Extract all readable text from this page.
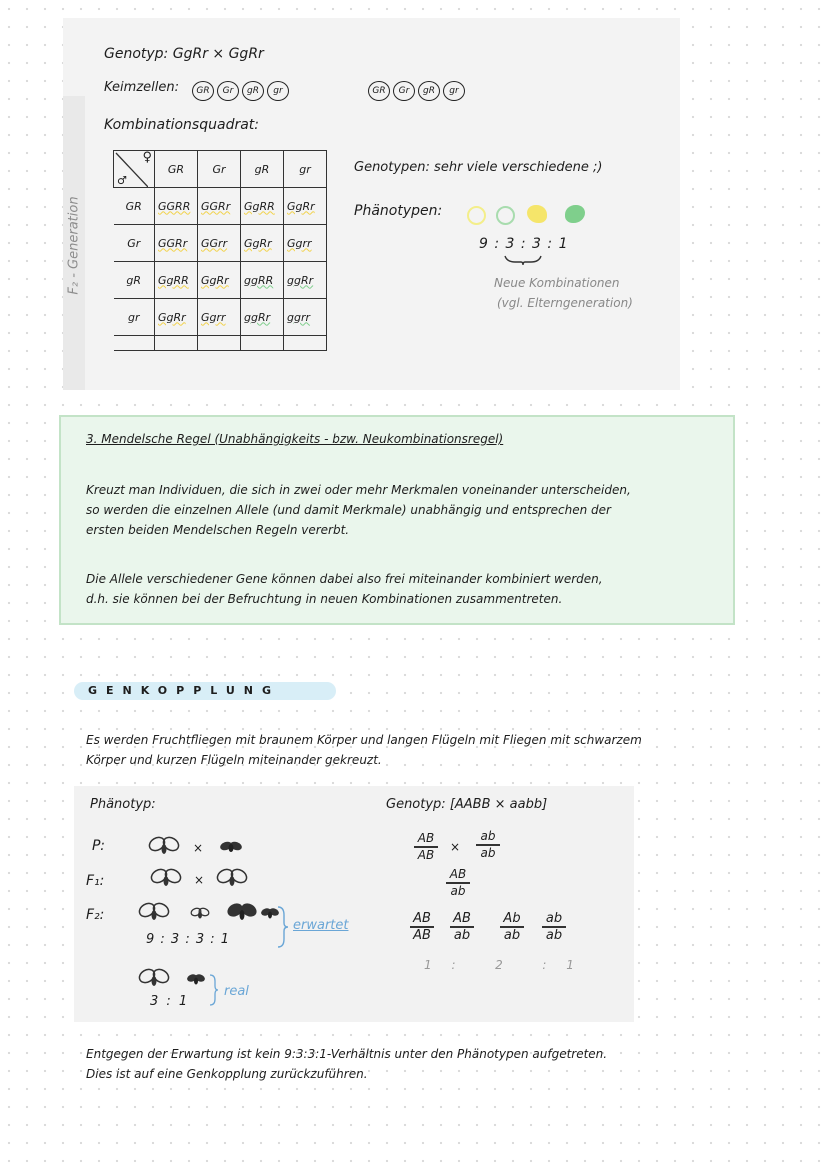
F₂ - Generation
Genotyp: GgRr × GgRr
Keimzellen:	GR Gr gR gr	GR Gr gR gr
Kombinationsquadrat:
♀
♂	GR	Gr	gR	gr
GR	GGRR	GGRr	GgRR	GgRr
Gr	GGRr	GGrr	GgRr	Ggrr
gR	GgRR	GgRr	ggRR	ggRr
gr	GgRr	Ggrr	ggRr	ggrr

Genotypen: sehr viele verschiedene ;)
Phänotypen:
9 : 3 : 3 : 1
Neue Kombinationen
(vgl. Elterngeneration)
3. Mendelsche Regel (Unabhängigkeits - bzw. Neukombinationsregel)
Kreuzt man Individuen, die sich in zwei oder mehr Merkmalen voneinander unterscheiden,
so werden die einzelnen Allele (und damit Merkmale) unabhängig und entsprechen der
ersten beiden Mendelschen Regeln vererbt.
Die Allele verschiedener Gene können dabei also frei miteinander kombiniert werden,
d.h. sie können bei der Befruchtung in neuen Kombinationen zusammentreten.
GENKOPPLUNG
Es werden Fruchtfliegen mit braunem Körper und langen Flügeln mit Fliegen mit schwarzem
Körper und kurzen Flügeln miteinander gekreuzt.
Phänotyp:	Genotyp: [AABB × aabb]
P:
F₁:
F₂:
×
×
9 : 3 : 3 : 1
erwartet
3 : 1
real
AB
AB
×
ab
ab
AB
ab
AB
AB
AB
ab
Ab
ab
ab
ab
1 :  2  : 1
Entgegen der Erwartung ist kein 9:3:3:1-Verhältnis unter den Phänotypen aufgetreten.
Dies ist auf eine Genkopplung zurückzuführen.
